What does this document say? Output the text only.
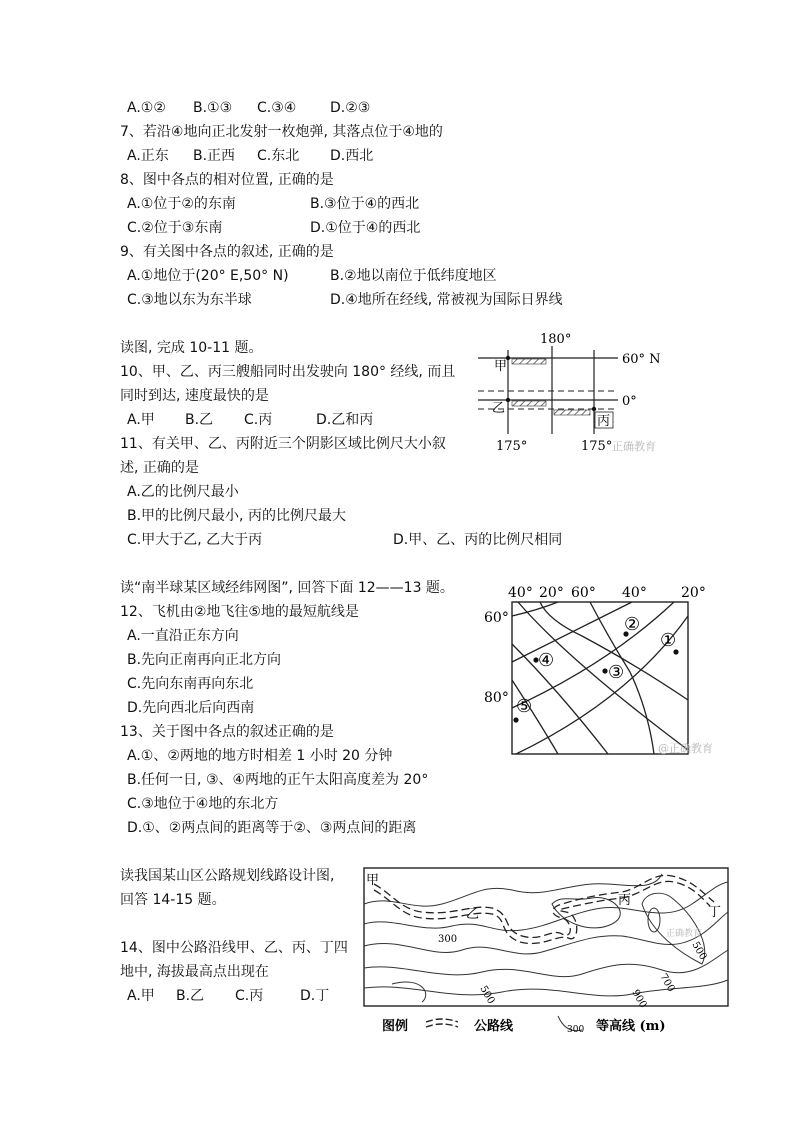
A.①② B.①③ C.③④ D.②③
7、若沿④地向正北发射一枚炮弹, 其落点位于④地的
A.正东 B.正西 C.东北 D.西北
8、图中各点的相对位置, 正确的是
A.①位于②的东南	B.③位于④的西北
C.②位于③东南	D.①位于④的西北
9、有关图中各点的叙述, 正确的是
A.①地位于(20° E,50° N)	B.②地以南位于低纬度地区
C.③地以东为东半球	D.④地所在经线, 常被视为国际日界线
读图, 完成 10-11 题。
10、甲、乙、丙三艘船同时出发驶向 180° 经线, 而且
同时到达, 速度最快的是
A.甲 B.乙 C.丙	D.乙和丙
11、有关甲、乙、丙附近三个阴影区域比例尺大小叙
述, 正确的是
A.乙的比例尺最小
B.甲的比例尺最小, 丙的比例尺最大
C.甲大于乙, 乙大于丙	D.甲、乙、丙的比例尺相同
180°
60° N
0°
甲
乙
丙
175°	175° 正确教育
读“南半球某区域经纬网图”, 回答下面 12——13 题。
12、飞机由②地飞往⑤地的最短航线是
A.一直沿正东方向
B.先向正南再向正北方向
C.先向东南再向东北
D.先向西北后向西南
13、关于图中各点的叙述正确的是
A.①、②两地的地方时相差 1 小时 20 分钟
B.任何一日, ③、④两地的正午太阳高度差为 20°
C.③地位于④地的东北方
D.①、②两点间的距离等于②、③两点间的距离
40° 20° 60° 40° 20°
60°
80°
①
②
③
④
⑤
@正确教育
读我国某山区公路规划线路设计图,
回答 14-15 题。
14、图中公路沿线甲、乙、丙、丁四
地中, 海拔最高点出现在
A.甲 B.乙 C.丙	D.丁
甲
乙
丙
丁
300
500
500
700
900
正确教育
图例	公路线	300 等高线 (m)
